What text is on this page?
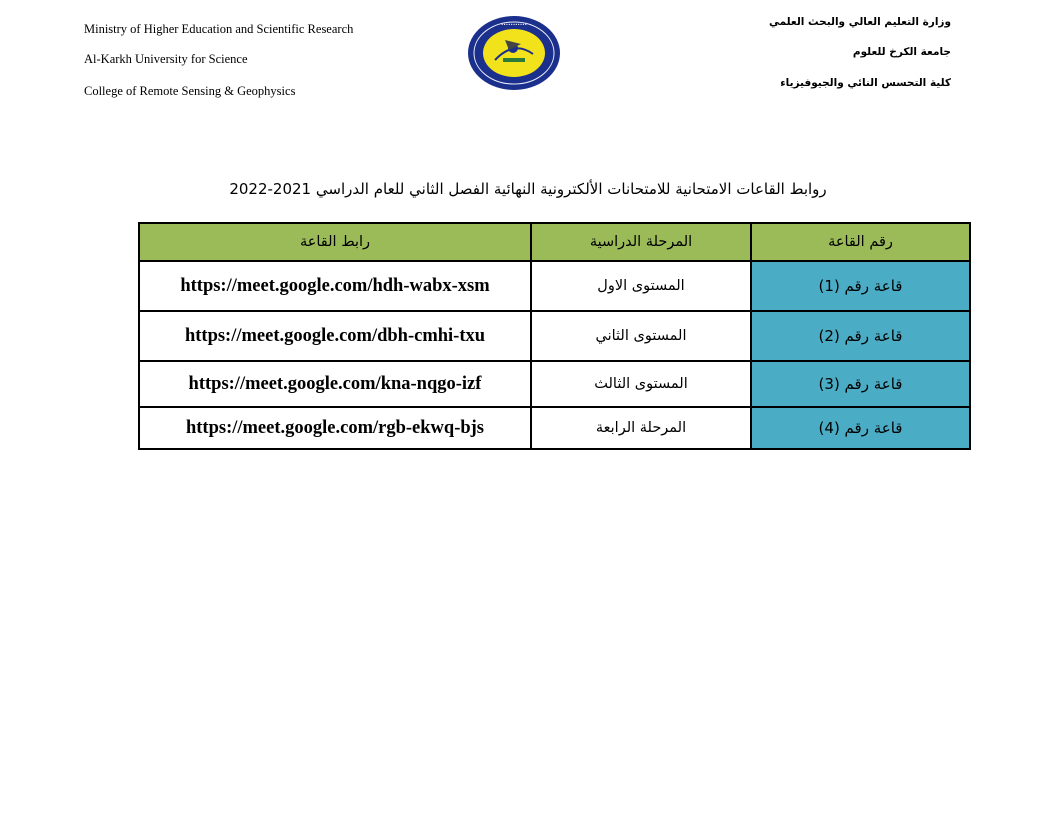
Ministry of Higher Education and Scientific Research
Al-Karkh University for Science
College of Remote Sensing & Geophysics
•••••••••••	وزارة التعليم العالي والبحث العلمي
جامعة الكرخ للعلوم
كلية التحسس النائي والجيوفيزياء
روابط القاعات الامتحانية للامتحانات الألكترونية النهائية الفصل الثاني للعام الدراسي 2021-2022
رقم القاعة	المرحلة الدراسية	رابط القاعة
قاعة رقم (1)	المستوى الاول	https://meet.google.com/hdh-wabx-xsm
قاعة رقم (2)	المستوى الثاني	https://meet.google.com/dbh-cmhi-txu
قاعة رقم (3)	المستوى الثالث	https://meet.google.com/kna-nqgo-izf
قاعة رقم (4)	المرحلة الرابعة	https://meet.google.com/rgb-ekwq-bjs
